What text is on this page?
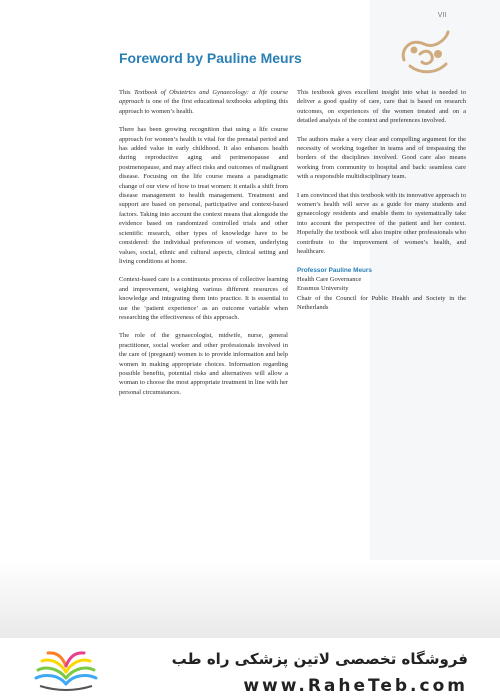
VII
Foreword by Pauline Meurs

This Textbook of Obstetrics and Gynaecology: a life course approach is one of the first educational textbooks adopting this approach to women’s health.

There has been growing recognition that using a life course approach for women’s health is vital for the prenatal period and has added value in early childhood. It also enhances health during reproductive aging and perimenopause and postmenopause, and may affect risks and outcomes of malignant disease. Focusing on the life course means a paradigmatic change of our view of how to treat women: it entails a shift from disease management to health management. Treatment and support are based on personal, participative and context-based factors. Taking into account the context means that alongside the evidence based on randomized controlled trials and other scientific research, other types of knowledge have to be considered: the individual preferences of women, underlying values, social, ethnic and cultural aspects, clinical setting and living conditions at home.

Context-based care is a continuous process of collective learning and improvement, weighing various different resources of knowledge and integrating them into practice. It is essential to use the ‘patient experience’ as an outcome variable when researching the effectiveness of this approach.

The role of the gynaecologist, midwife, nurse, general practitioner, social worker and other professionals involved in the care of (pregnant) women is to provide information and help women in making appropriate choices. Information regarding possible benefits, potential risks and alternatives will allow a woman to choose the most appropriate treatment in line with her personal circumstances.

This textbook gives excellent insight into what is needed to deliver a good quality of care, care that is based on research outcomes, on experiences of the women treated and on a detailed analysis of the context and preferences involved.

The authors make a very clear and compelling argument for the necessity of working together in teams and of trespassing the borders of the disciplines involved. Good care also means working from community to hospital and back: seamless care with a responsible multidisciplinary team.

I am convinced that this textbook with its innovative approach to women’s health will serve as a guide for many students and gynaecology residents and enable them to systematically take into account the perspective of the patient and her context. Hopefully the textbook will also inspire other professionals who contribute to the improvement of women’s health, and healthcare.

Professor Pauline Meurs
Health Care Governance
Erasmus University
Chair of the Council for Public Health and Society in the Netherlands
فروشگاه تخصصی لاتین پزشکی راه طب
www.RaheTeb.com
